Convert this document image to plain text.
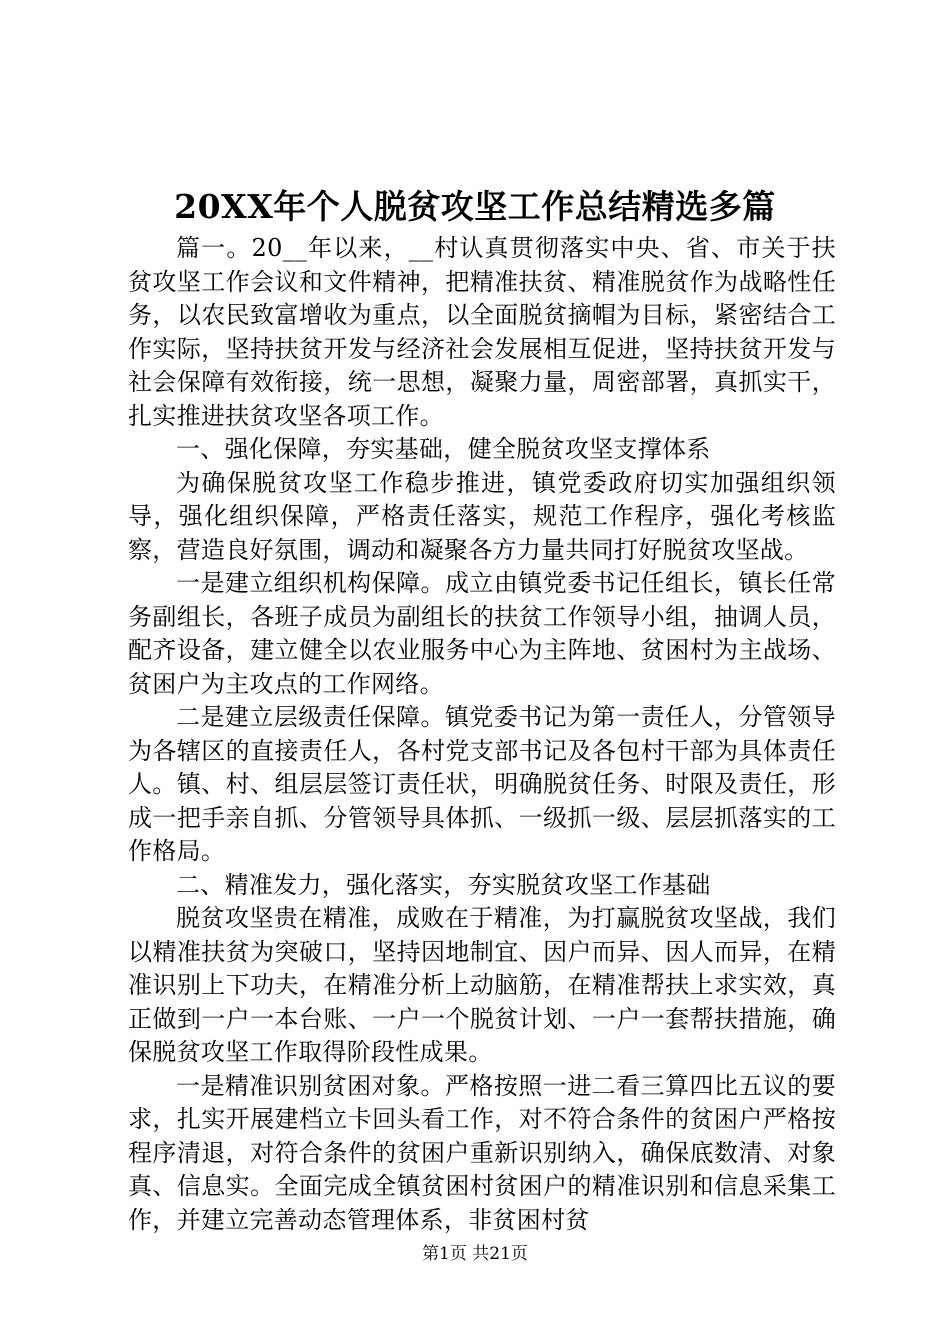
20XX年个人脱贫攻坚工作总结精选多篇

篇一。20__年以来，__村认真贯彻落实中央、省、市关于扶贫攻坚工作会议和文件精神，把精准扶贫、精准脱贫作为战略性任务，以农民致富增收为重点，以全面脱贫摘帽为目标，紧密结合工作实际，坚持扶贫开发与经济社会发展相互促进，坚持扶贫开发与社会保障有效衔接，统一思想，凝聚力量，周密部署，真抓实干，扎实推进扶贫攻坚各项工作。

一、强化保障，夯实基础，健全脱贫攻坚支撑体系

为确保脱贫攻坚工作稳步推进，镇党委政府切实加强组织领导，强化组织保障，严格责任落实，规范工作程序，强化考核监察，营造良好氛围，调动和凝聚各方力量共同打好脱贫攻坚战。

一是建立组织机构保障。成立由镇党委书记任组长，镇长任常务副组长，各班子成员为副组长的扶贫工作领导小组，抽调人员，配齐设备，建立健全以农业服务中心为主阵地、贫困村为主战场、贫困户为主攻点的工作网络。

二是建立层级责任保障。镇党委书记为第一责任人，分管领导为各辖区的直接责任人，各村党支部书记及各包村干部为具体责任人。镇、村、组层层签订责任状，明确脱贫任务、时限及责任，形成一把手亲自抓、分管领导具体抓、一级抓一级、层层抓落实的工作格局。

二、精准发力，强化落实，夯实脱贫攻坚工作基础

脱贫攻坚贵在精准，成败在于精准，为打赢脱贫攻坚战，我们以精准扶贫为突破口，坚持因地制宜、因户而异、因人而异，在精准识别上下功夫，在精准分析上动脑筋，在精准帮扶上求实效，真正做到一户一本台账、一户一个脱贫计划、一户一套帮扶措施，确保脱贫攻坚工作取得阶段性成果。

一是精准识别贫困对象。严格按照一进二看三算四比五议的要求，扎实开展建档立卡回头看工作，对不符合条件的贫困户严格按程序清退，对符合条件的贫困户重新识别纳入，确保底数清、对象真、信息实。全面完成全镇贫困村贫困户的精准识别和信息采集工作，并建立完善动态管理体系，非贫困村贫

第1页 共21页
